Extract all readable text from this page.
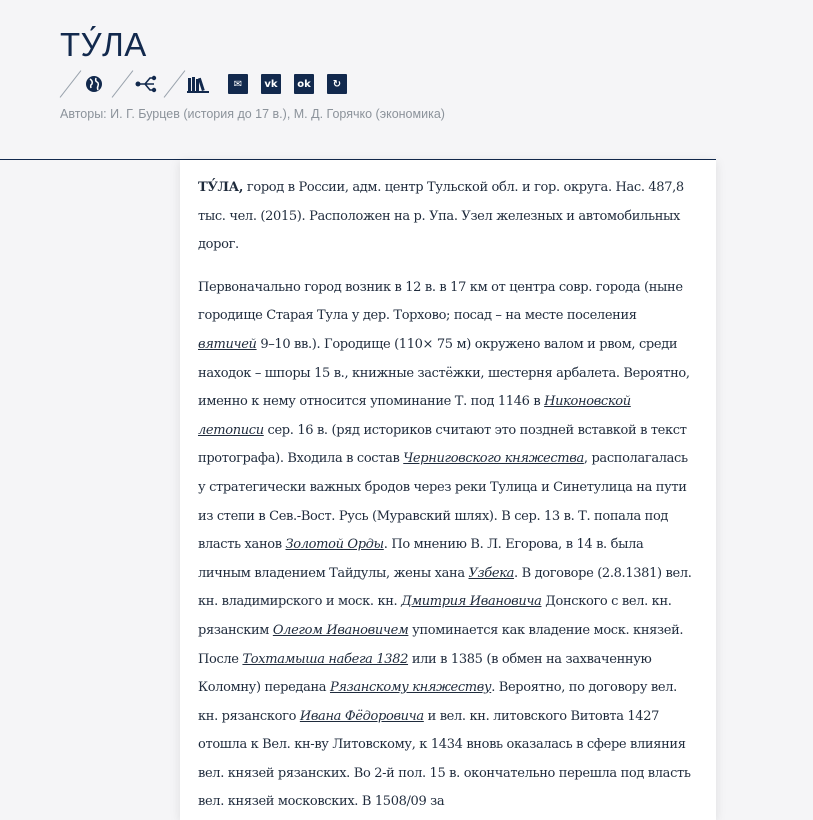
ТУ́ЛА
✉	vk	ok	↻
Авторы: И. Г. Бурцев (история до 17 в.), М. Д. Горячко (экономика)

ТУ́ЛА, город в России, адм. центр Тульской обл. и гор. округа. Нас. 487,8 тыс. чел. (2015). Расположен на р. Упа. Узел железных и автомобильных дорог.

Первоначально город возник в 12 в. в 17 км от центра совр. города (ныне городище Старая Тула у дер. Торхово; посад – на месте поселения вятичей 9–10 вв.). Городище (110× 75 м) окружено валом и рвом, среди находок – шпоры 15 в., книжные застёжки, шестерня арбалета. Вероятно, именно к нему относится упоминание Т. под 1146 в Никоновской летописи сер. 16 в. (ряд историков считают это поздней вставкой в текст протографа). Входила в состав Черниговского княжества, располагалась у стратегически важных бродов через реки Тулица и Синетулица на пути из степи в Сев.-Вост. Русь (Муравский шлях). В сер. 13 в. Т. попала под власть ханов Золотой Орды. По мнению В. Л. Егорова, в 14 в. была личным владением Тайдулы, жены хана Узбека. В договоре (2.8.1381) вел. кн. владимирского и моск. кн. Дмитрия Ивановича Донского с вел. кн. рязанским Олегом Ивановичем упоминается как владение моск. князей. После Тохтамыша набега 1382 или в 1385 (в обмен на захваченную Коломну) передана Рязанскому княжеству. Вероятно, по договору вел. кн. рязанского Ивана Фёдоровича и вел. кн. литовского Витовта 1427 отошла к Вел. кн-ву Литовскому, к 1434 вновь оказалась в сфере влияния вел. князей рязанских. Во 2-й пол. 15 в. окончательно перешла под власть вел. князей московских. В 1508/09 за
